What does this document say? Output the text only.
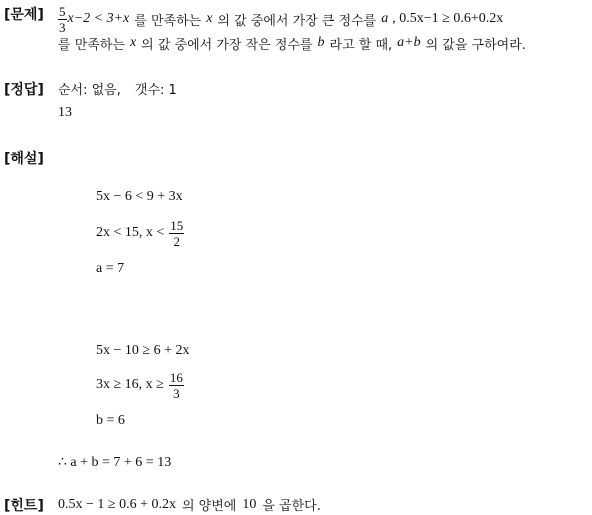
[문제] $\frac{5}{3} x-2 < 3+x$ 를 만족하는 x 의 값 중에서 가장 큰 정수를 a , 0.5x−1 ≥ 0.6+0.2x
를 만족하는 x 의 값 중에서 가장 작은 정수를 b 라고 할 때, a+b 의 값을 구하여라.
[정답] 순서: 없음, 갯수: 1
13
[해설]
5x − 6 < 9 + 3x
2x < 15, $x < \frac{15}{2}$
a = 7
5x − 10 ≥ 6 + 2x
3x ≥ 16, $x \ge \frac{16}{3}$
b = 6
∴ a + b = 7 + 6 = 13
[힌트] 0.5x − 1 ≥ 0.6 + 0.2x 의 양변에 10 을 곱한다.
